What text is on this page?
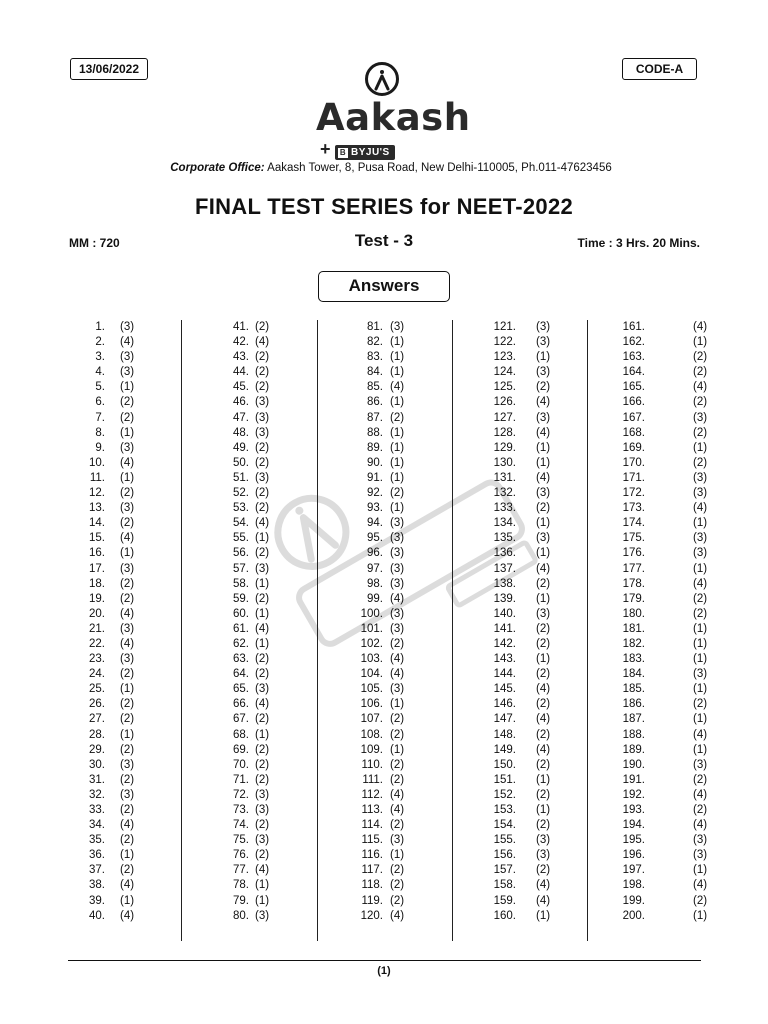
13/06/2022	CODE-A
Aakash
+	B BYJU'S
Corporate Office: Aakash Tower, 8, Pusa Road, New Delhi-110005, Ph.011-47623456
FINAL TEST SERIES for NEET-2022
MM : 720	Test - 3	Time : 3 Hrs. 20 Mins.
Answers
1. (3)
2. (4)
3. (3)
4. (3)
5. (1)
6. (2)
7. (2)
8. (1)
9. (3)
10. (4)
11. (1)
12. (2)
13. (3)
14. (2)
15. (4)
16. (1)
17. (3)
18. (2)
19. (2)
20. (4)
21. (3)
22. (4)
23. (3)
24. (2)
25. (1)
26. (2)
27. (2)
28. (1)
29. (2)
30. (3)
31. (2)
32. (3)
33. (2)
34. (4)
35. (2)
36. (1)
37. (2)
38. (4)
39. (1)
40. (4)
41. (2)
42. (4)
43. (2)
44. (2)
45. (2)
46. (3)
47. (3)
48. (3)
49. (2)
50. (2)
51. (3)
52. (2)
53. (2)
54. (4)
55. (1)
56. (2)
57. (3)
58. (1)
59. (2)
60. (1)
61. (4)
62. (1)
63. (2)
64. (2)
65. (3)
66. (4)
67. (2)
68. (1)
69. (2)
70. (2)
71. (2)
72. (3)
73. (3)
74. (2)
75. (3)
76. (2)
77. (4)
78. (1)
79. (1)
80. (3)
81. (3)
82. (1)
83. (1)
84. (1)
85. (4)
86. (1)
87. (2)
88. (1)
89. (1)
90. (1)
91. (1)
92. (2)
93. (1)
94. (3)
95. (3)
96. (3)
97. (3)
98. (3)
99. (4)
100. (3)
101. (3)
102. (2)
103. (4)
104. (4)
105. (3)
106. (1)
107. (2)
108. (2)
109. (1)
110. (2)
111. (2)
112. (4)
113. (4)
114. (2)
115. (3)
116. (1)
117. (2)
118. (2)
119. (2)
120. (4)
121. (3)
122. (3)
123. (1)
124. (3)
125. (2)
126. (4)
127. (3)
128. (4)
129. (1)
130. (1)
131. (4)
132. (3)
133. (2)
134. (1)
135. (3)
136. (1)
137. (4)
138. (2)
139. (1)
140. (3)
141. (2)
142. (2)
143. (1)
144. (2)
145. (4)
146. (2)
147. (4)
148. (2)
149. (4)
150. (2)
151. (1)
152. (2)
153. (1)
154. (2)
155. (3)
156. (3)
157. (2)
158. (4)
159. (4)
160. (1)
161.	(4)
162.	(1)
163.	(2)
164.	(2)
165.	(4)
166.	(2)
167.	(3)
168.	(2)
169.	(1)
170.	(2)
171.	(3)
172.	(3)
173.	(4)
174.	(1)
175.	(3)
176.	(3)
177.	(1)
178.	(4)
179.	(2)
180.	(2)
181.	(1)
182.	(1)
183.	(1)
184.	(3)
185.	(1)
186.	(2)
187.	(1)
188.	(4)
189.	(1)
190.	(3)
191.	(2)
192.	(4)
193.	(2)
194.	(4)
195.	(3)
196.	(3)
197.	(1)
198.	(4)
199.	(2)
200.	(1)
(1)
